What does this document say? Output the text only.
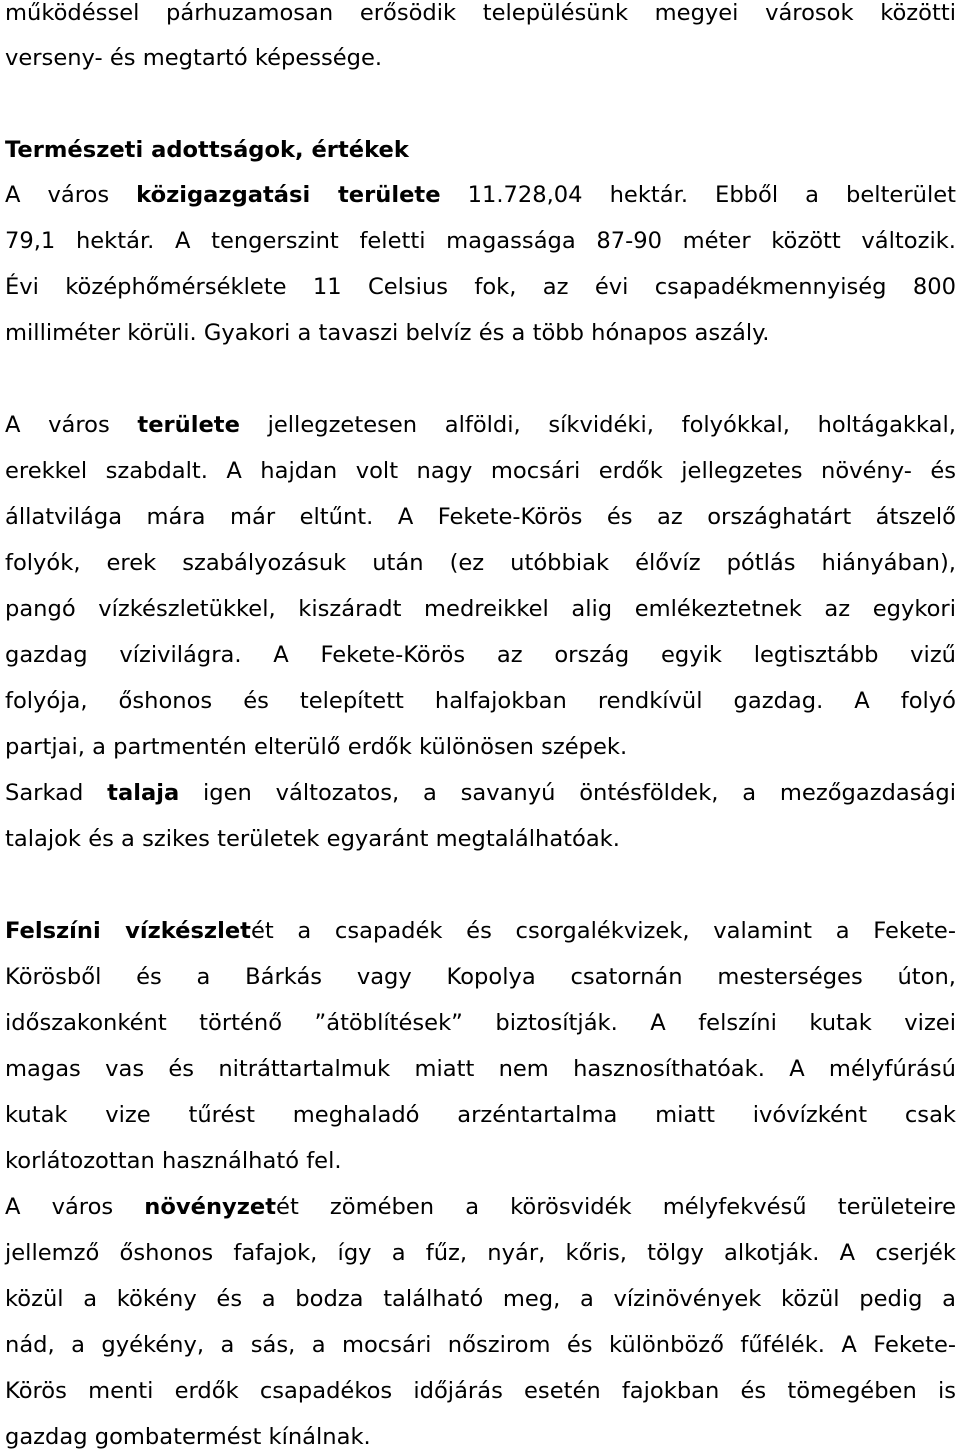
működéssel párhuzamosan erősödik településünk megyei városok közötti
verseny- és megtartó képessége.
Természeti adottságok, értékek
A város közigazgatási területe 11.728,04 hektár. Ebből a belterület
79,1 hektár. A tengerszint feletti magassága 87-90 méter között változik.
Évi középhőmérséklete 11 Celsius fok, az évi csapadékmennyiség 800
milliméter körüli. Gyakori a tavaszi belvíz és a több hónapos aszály.
A város területe jellegzetesen alföldi, síkvidéki, folyókkal, holtágakkal,
erekkel szabdalt. A hajdan volt nagy mocsári erdők jellegzetes növény- és
állatvilága mára már eltűnt. A Fekete-Körös és az országhatárt átszelő
folyók, erek szabályozásuk után (ez utóbbiak élővíz pótlás hiányában),
pangó vízkészletükkel, kiszáradt medreikkel alig emlékeztetnek az egykori
gazdag vízivilágra. A Fekete-Körös az ország egyik legtisztább vizű
folyója, őshonos és telepített halfajokban rendkívül gazdag. A folyó
partjai, a partmentén elterülő erdők különösen szépek.
Sarkad talaja igen változatos, a savanyú öntésföldek, a mezőgazdasági
talajok és a szikes területek egyaránt megtalálhatóak.
Felszíni vízkészletét a csapadék és csorgalékvizek, valamint a Fekete-
Körösből és a Bárkás vagy Kopolya csatornán mesterséges úton,
időszakonként történő ”átöblítések” biztosítják. A felszíni kutak vizei
magas vas és nitráttartalmuk miatt nem hasznosíthatóak. A mélyfúrású
kutak vize tűrést meghaladó arzéntartalma miatt ivóvízként csak
korlátozottan használható fel.
A város növényzetét zömében a körösvidék mélyfekvésű területeire
jellemző őshonos fafajok, így a fűz, nyár, kőris, tölgy alkotják. A cserjék
közül a kökény és a bodza található meg, a vízinövények közül pedig a
nád, a gyékény, a sás, a mocsári nőszirom és különböző fűfélék. A Fekete-
Körös menti erdők csapadékos időjárás esetén fajokban és tömegében is
gazdag gombatermést kínálnak.
